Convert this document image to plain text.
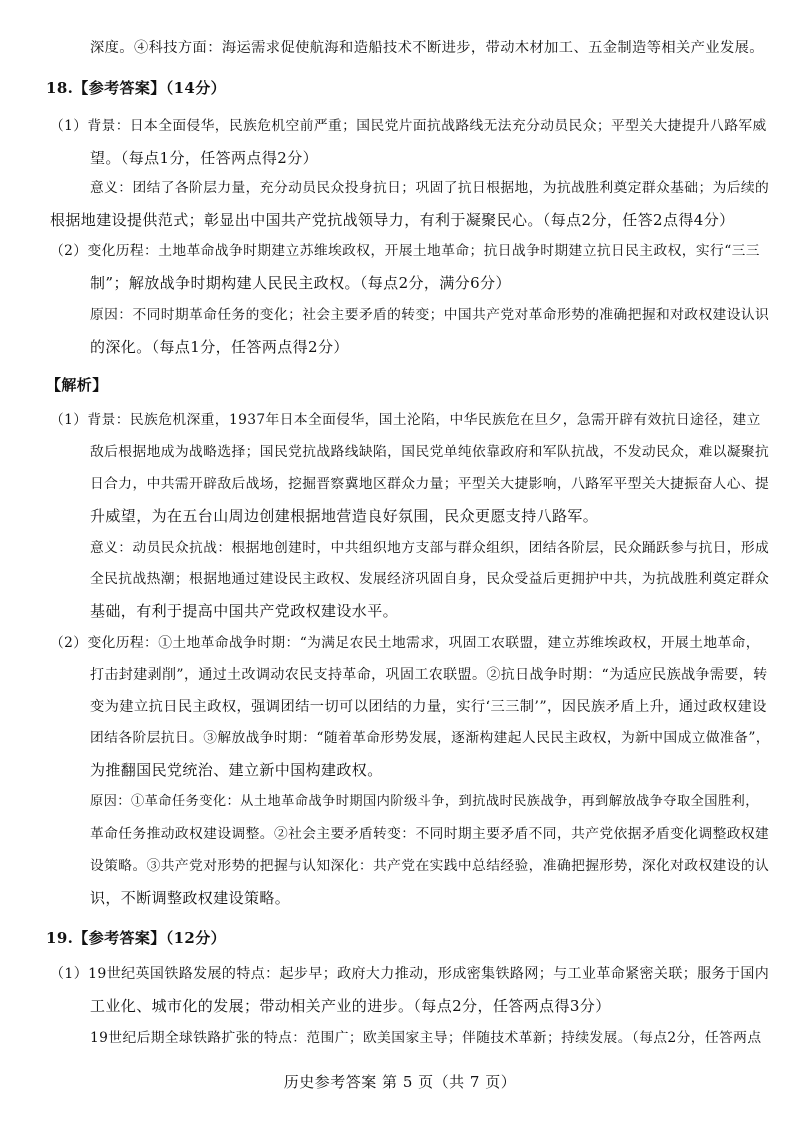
深度。④科技方面：海运需求促使航海和造船技术不断进步，带动木材加工、五金制造等相关产业发展。
18.【参考答案】（14分）
（1）背景：日本全面侵华，民族危机空前严重；国民党片面抗战路线无法充分动员民众；平型关大捷提升八路军威
望。（每点1分，任答两点得2分）
意义：团结了各阶层力量，充分动员民众投身抗日；巩固了抗日根据地，为抗战胜利奠定群众基础；为后续的
根据地建设提供范式；彰显出中国共产党抗战领导力，有利于凝聚民心。（每点2分，任答2点得4分）
（2）变化历程：土地革命战争时期建立苏维埃政权，开展土地革命；抗日战争时期建立抗日民主政权，实行“三三
制”；解放战争时期构建人民民主政权。（每点2分，满分6分）
原因：不同时期革命任务的变化；社会主要矛盾的转变；中国共产党对革命形势的准确把握和对政权建设认识
的深化。（每点1分，任答两点得2分）
【解析】
（1）背景：民族危机深重，1937年日本全面侵华，国土沦陷，中华民族危在旦夕，急需开辟有效抗日途径，建立
敌后根据地成为战略选择；国民党抗战路线缺陷，国民党单纯依靠政府和军队抗战，不发动民众，难以凝聚抗
日合力，中共需开辟敌后战场，挖掘晋察冀地区群众力量；平型关大捷影响，八路军平型关大捷振奋人心、提
升威望，为在五台山周边创建根据地营造良好氛围，民众更愿支持八路军。
意义：动员民众抗战：根据地创建时，中共组织地方支部与群众组织，团结各阶层，民众踊跃参与抗日，形成
全民抗战热潮；根据地通过建设民主政权、发展经济巩固自身，民众受益后更拥护中共，为抗战胜利奠定群众
基础，有利于提高中国共产党政权建设水平。
（2）变化历程：①土地革命战争时期：“为满足农民土地需求，巩固工农联盟，建立苏维埃政权，开展土地革命，
打击封建剥削”，通过土改调动农民支持革命，巩固工农联盟。②抗日战争时期：“为适应民族战争需要，转
变为建立抗日民主政权，强调团结一切可以团结的力量，实行‘三三制’”，因民族矛盾上升，通过政权建设
团结各阶层抗日。③解放战争时期：“随着革命形势发展，逐渐构建起人民民主政权，为新中国成立做准备”，
为推翻国民党统治、建立新中国构建政权。
原因：①革命任务变化：从土地革命战争时期国内阶级斗争，到抗战时民族战争，再到解放战争夺取全国胜利，
革命任务推动政权建设调整。②社会主要矛盾转变：不同时期主要矛盾不同，共产党依据矛盾变化调整政权建
设策略。③共产党对形势的把握与认知深化：共产党在实践中总结经验，准确把握形势，深化对政权建设的认
识，不断调整政权建设策略。
19.【参考答案】（12分）
（1）19世纪英国铁路发展的特点：起步早；政府大力推动，形成密集铁路网；与工业革命紧密关联；服务于国内
工业化、城市化的发展；带动相关产业的进步。（每点2分，任答两点得3分）
19世纪后期全球铁路扩张的特点：范围广；欧美国家主导；伴随技术革新；持续发展。（每点2分，任答两点
历史参考答案 第 5 页（共 7 页）
